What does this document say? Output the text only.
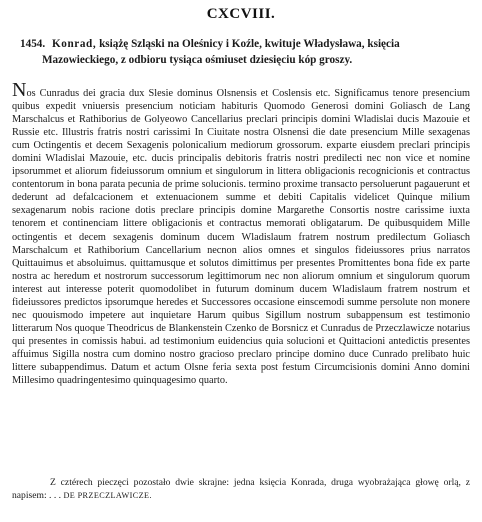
CXCVIII.
1454. Konrad, książę Szląski na Oleśnicy i Koźle, kwituje Władysława, księcia
Mazowieckiego, z odbioru tysiąca ośmiuset dziesięciu kóp groszy.
Nos Cunradus dei gracia dux Slesie dominus Olsnensis et Coslensis etc. Significamus tenore presencium quibus expedit vniuersis presencium noticiam habituris Quomodo Generosi domini Goliasch de Lang Marschalcus et Rathiborius de Golyeowo Cancellarius preclari principis domini Wladislai ducis Mazouie et Russie etc. Illustris fratris nostri carissimi In Ciuitate nostra Olsnensi die date presencium Mille sexagenas cum Octingentis et decem Sexagenis polonicalium mediorum grossorum. exparte eiusdem preclari principis domini Wladislai Mazouie, etc. ducis principalis debitoris fratris nostri predilecti nec non vice et nomine ipsorummet et aliorum fideiussorum omnium et singulorum in littera obligacionis recognicionis et contractus contentorum in bona parata pecunia de prime solucionis. termino proxime transacto persoluerunt pagauerunt et dederunt ad defalcacionem et extenuacionem summe et debiti Capitalis videlicet Quinque milium sexagenarum nobis racione dotis preclare principis domine Margarethe Consortis nostre carissime iuxta tenorem et continenciam littere obligacionis et contractus memorati obligatarum. De quibusquidem Mille octingentis et decem sexagenis dominum ducem Wladislaum fratrem nostrum predilectum Goliasch Marschalcum et Rathiborium Cancellarium necnon alios omnes et singulos fideiussores prius narratos Quittauimus et absoluimus. quittamusque et solutos dimittimus per presentes Promittentes bona fide ex parte nostra ac heredum et nostrorum successorum legittimorum nec non aliorum omnium et singulorum quorum interest aut interesse poterit quomodolibet in futurum dominum ducem Wladislaum fratrem nostrum et fideiussores predictos ipsorumque heredes et Successores occasione einscemodi summe persolute non monere nec quouismodo impetere aut inquietare Harum quibus Sigillum nostrum subappensum est testimonio litterarum Nos quoque Theodricus de Blankenstein Czenko de Borsnicz et Cunradus de Przeczlawicze notarius qui presentes in comissis habui. ad testimonium euidencius quia solucioni et Quittacioni antedictis presentes affuimus Sigilla nostra cum domino nostro gracioso preclaro principe domino duce Cunrado prelibato huic littere subappendimus. Datum et actum Olsne feria sexta post festum Circumcisionis domini Anno domini Millesimo quadringentesimo quinquagesimo quarto.
Z cztérech pieczęci pozostało dwie skrajne: jedna księcia Konrada, druga wyobrażająca głowę orlą, z napisem: . . . DE PRZECZLAWICZE.
